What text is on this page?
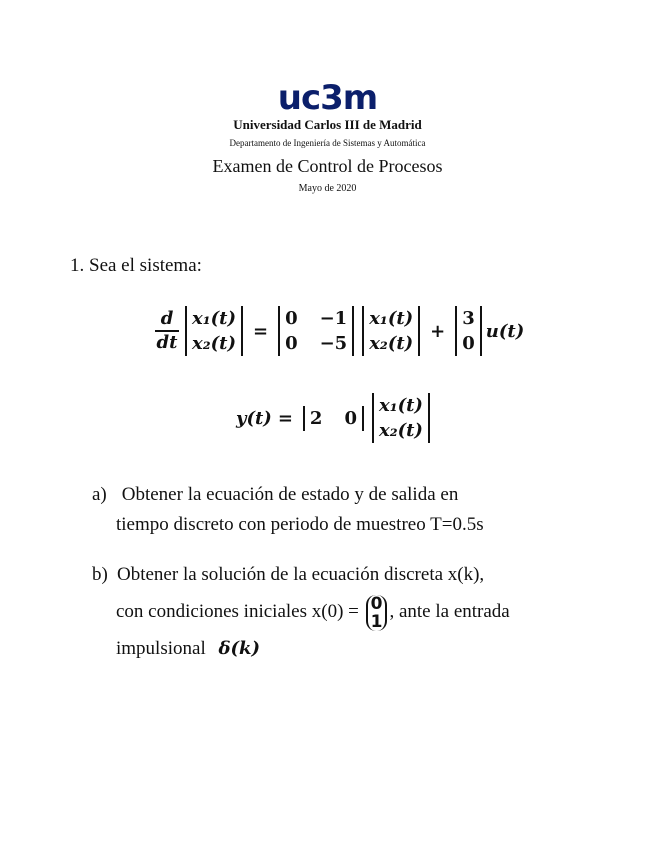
uc3m
Universidad Carlos III de Madrid
Departamento de Ingeniería de Sistemas y Automática
Examen de Control de Procesos
Mayo de 2020
1. Sea el sistema:
$\frac{d}{dt} x_1(t)$
x₂(t)
=
0 −1
0 −5
x₁(t)
x₂(t)
+
3
0
u(t)
y(t) = 2 0
x₁(t)
x₂(t)
a) Obtener la ecuación de estado y de salida en
tiempo discreto con periodo de muestreo T=0.5s
b) Obtener la solución de la ecuación discreta x(k),
con condiciones iniciales x(0) = 0
1 , ante la entrada
impulsional δ(k)
